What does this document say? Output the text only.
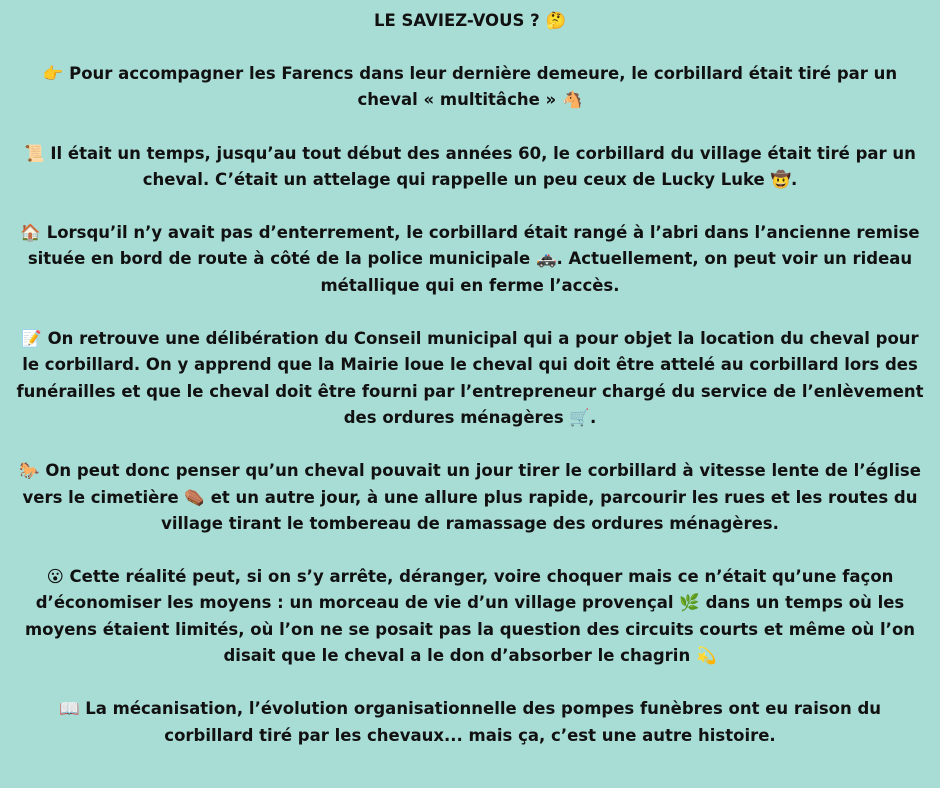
LE SAVIEZ-VOUS ? 🤔
👉 Pour accompagner les Farencs dans leur dernière demeure, le corbillard était tiré par un cheval « multitâche » 🐴
📜 Il était un temps, jusqu’au tout début des années 60, le corbillard du village était tiré par un cheval. C’était un attelage qui rappelle un peu ceux de Lucky Luke 🤠.
🏠 Lorsqu’il n’y avait pas d’enterrement, le corbillard était rangé à l’abri dans l’ancienne remise située en bord de route à côté de la police municipale 🚓. Actuellement, on peut voir un rideau métallique qui en ferme l’accès.
📝 On retrouve une délibération du Conseil municipal qui a pour objet la location du cheval pour le corbillard. On y apprend que la Mairie loue le cheval qui doit être attelé au corbillard lors des funérailles et que le cheval doit être fourni par l’entrepreneur chargé du service de l’enlèvement des ordures ménagères 🛒.
🐎 On peut donc penser qu’un cheval pouvait un jour tirer le corbillard à vitesse lente de l’église vers le cimetière ⚰️ et un autre jour, à une allure plus rapide, parcourir les rues et les routes du village tirant le tombereau de ramassage des ordures ménagères.
😮 Cette réalité peut, si on s’y arrête, déranger, voire choquer mais ce n’était qu’une façon d’économiser les moyens : un morceau de vie d’un village provençal 🌿 dans un temps où les moyens étaient limités, où l’on ne se posait pas la question des circuits courts et même où l’on disait que le cheval a le don d’absorber le chagrin 💫
📖 La mécanisation, l’évolution organisationnelle des pompes funèbres ont eu raison du corbillard tiré par les chevaux... mais ça, c’est une autre histoire.
